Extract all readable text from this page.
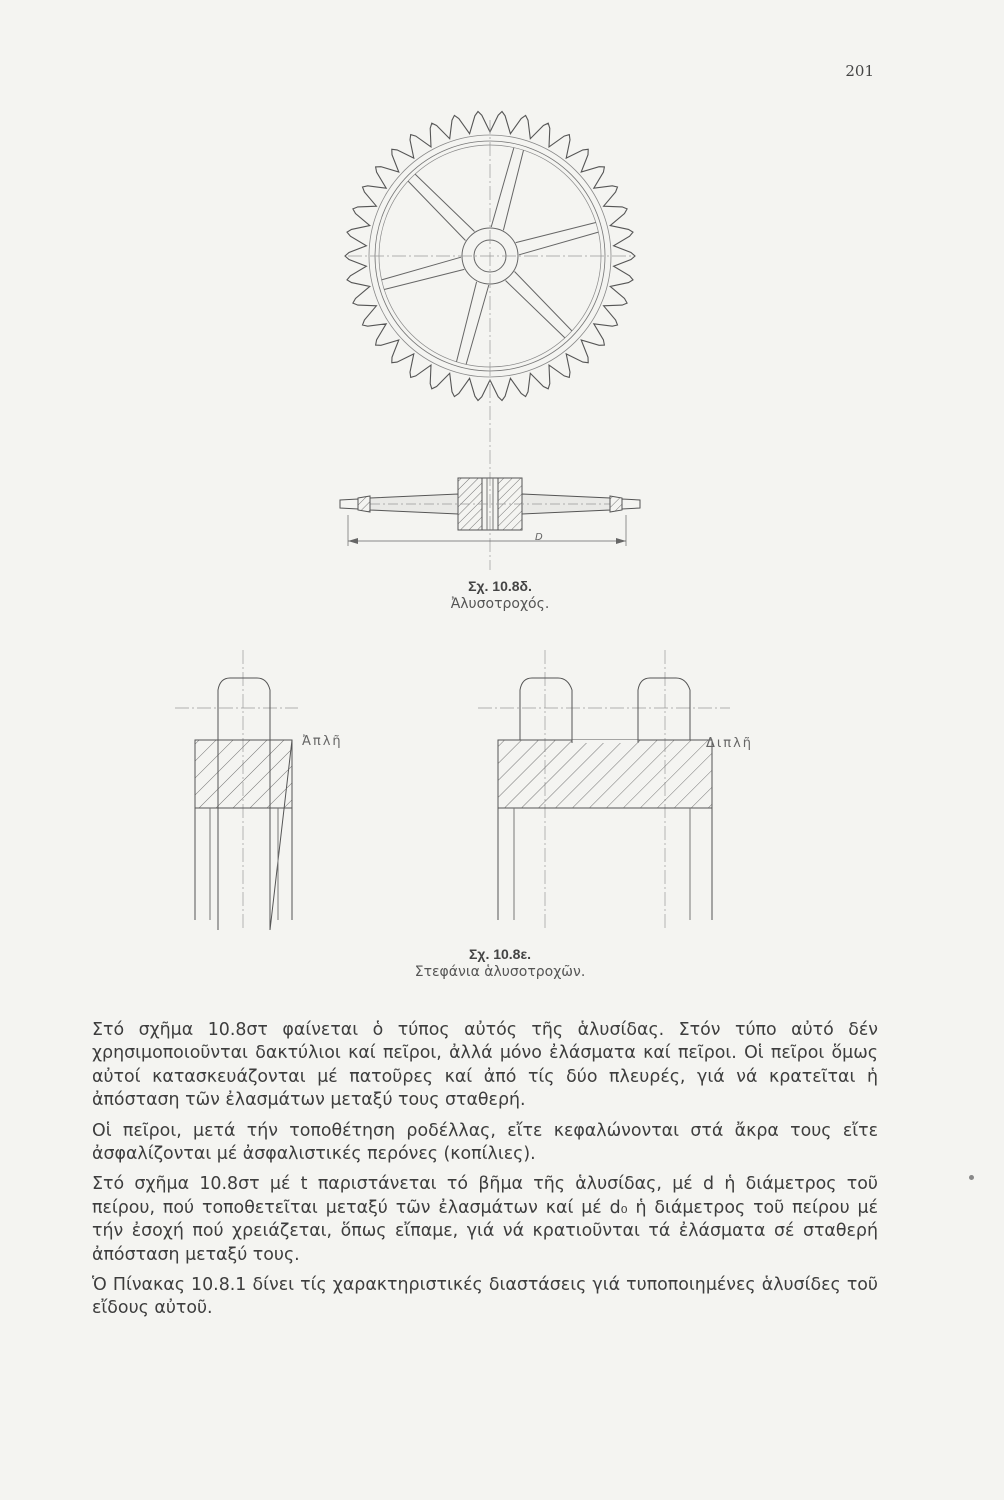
201
D
Σχ. 10.8δ.
Ἀλυσοτροχός.
Ἀπλῆ	Διπλῆ
Σχ. 10.8ε.
Στεφάνια ἁλυσοτροχῶν.

Στό σχῆμα 10.8στ φαίνεται ὁ τύπος αὐτός τῆς ἁλυσίδας. Στόν τύπο αὐτό δέν χρησιμοποιοῦνται δακτύλιοι καί πεῖροι, ἀλλά μόνο ἐλάσματα καί πεῖροι. Οἱ πεῖροι ὅμως αὐτοί κατασκευάζονται μέ πατοῦρες καί ἀπό τίς δύο πλευρές, γιά νά κρατεῖται ἡ ἀπόσταση τῶν ἐλασμάτων μεταξύ τους σταθερή.

Οἱ πεῖροι, μετά τήν τοποθέτηση ροδέλλας, εἴτε κεφαλώνονται στά ἄκρα τους εἴτε ἀσφαλίζονται μέ ἀσφαλιστικές περόνες (κοπίλιες).

Στό σχῆμα 10.8στ μέ t παριστάνεται τό βῆμα τῆς ἁλυσίδας, μέ d ἡ διάμετρος τοῦ πείρου, πού τοποθετεῖται μεταξύ τῶν ἐλασμάτων καί μέ d₀ ἡ διάμετρος τοῦ πείρου μέ τήν ἐσοχή πού χρειάζεται, ὅπως εἴπαμε, γιά νά κρατιοῦνται τά ἐλάσματα σέ σταθερή ἀπόσταση μεταξύ τους.

Ὁ Πίνακας 10.8.1 δίνει τίς χαρακτηριστικές διαστάσεις γιά τυποποιημένες ἁλυσίδες τοῦ εἴδους αὐτοῦ.
